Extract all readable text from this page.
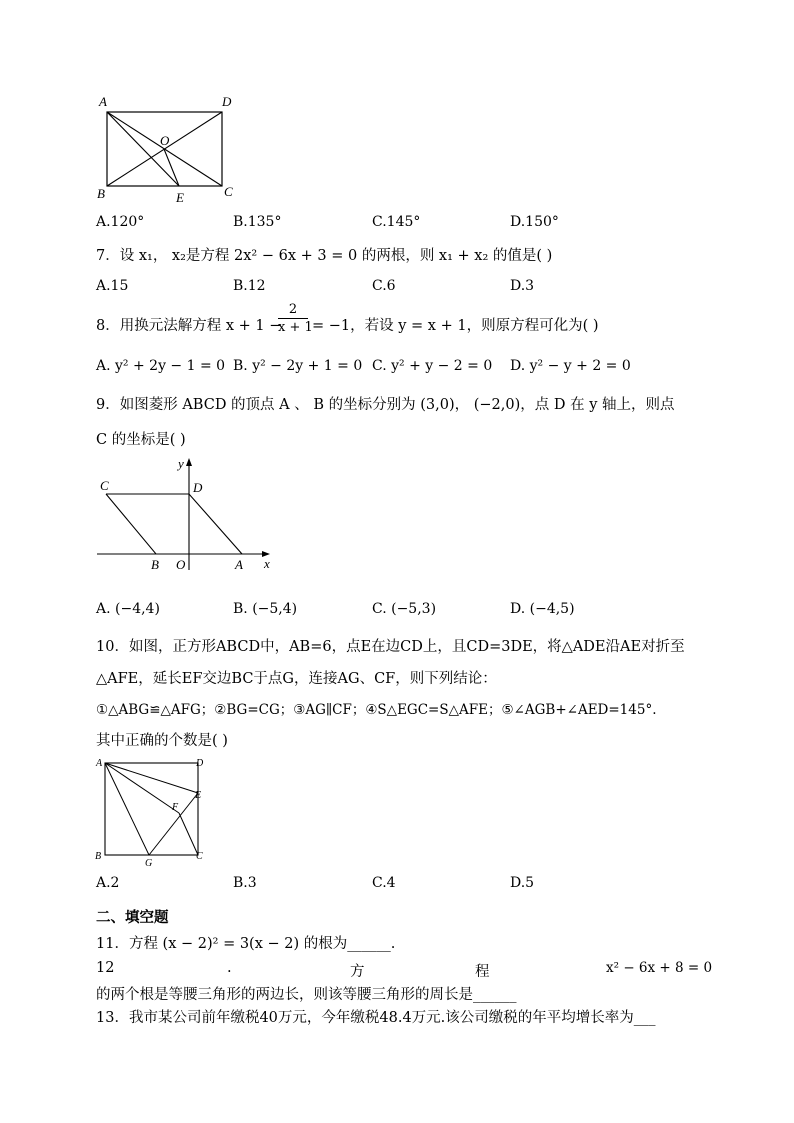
A	D
O
B	E	C
A.120°	B.135°	C.145°	D.150°
7．设 x₁， x₂是方程 2x² − 6x + 3 = 0 的两根，则 x₁ + x₂ 的值是( )
A.15	B.12	C.6	D.3
8．用换元法解方程 x + 1 −
$\frac{2}{x + 1} = -1$，若设 y = x + 1，则原方程可化为( )
A. y² + 2y − 1 = 0 B. y² − 2y + 1 = 0 C. y² + y − 2 = 0 D. y² − y + 2 = 0
9．如图菱形 ABCD 的顶点 A 、 B 的坐标分别为 (3,0)， (−2,0)，点 D 在 y 轴上，则点
C 的坐标是( )
y
C	D
B O	A x
A. (−4,4)	B. (−5,4)	C. (−5,3)	D. (−4,5)
10．如图，正方形ABCD中，AB=6，点E在边CD上，且CD=3DE，将△ADE沿AE对折至
△AFE，延长EF交边BC于点G，连接AG、CF，则下列结论：
①△ABG≌△AFG；②BG=CG；③AG∥CF；④S△EGC=S△AFE；⑤∠AGB+∠AED=145°.
其中正确的个数是( )
A	D
E
F
B
G
C
A.2	B.3	C.4	D.5
二、填空题
11．方程 (x − 2)² = 3(x − 2) 的根为______.
12	.	方	程	x² − 6x + 8 = 0
的两个根是等腰三角形的两边长，则该等腰三角形的周长是______
13．我市某公司前年缴税40万元，今年缴税48.4万元.该公司缴税的年平均增长率为___
